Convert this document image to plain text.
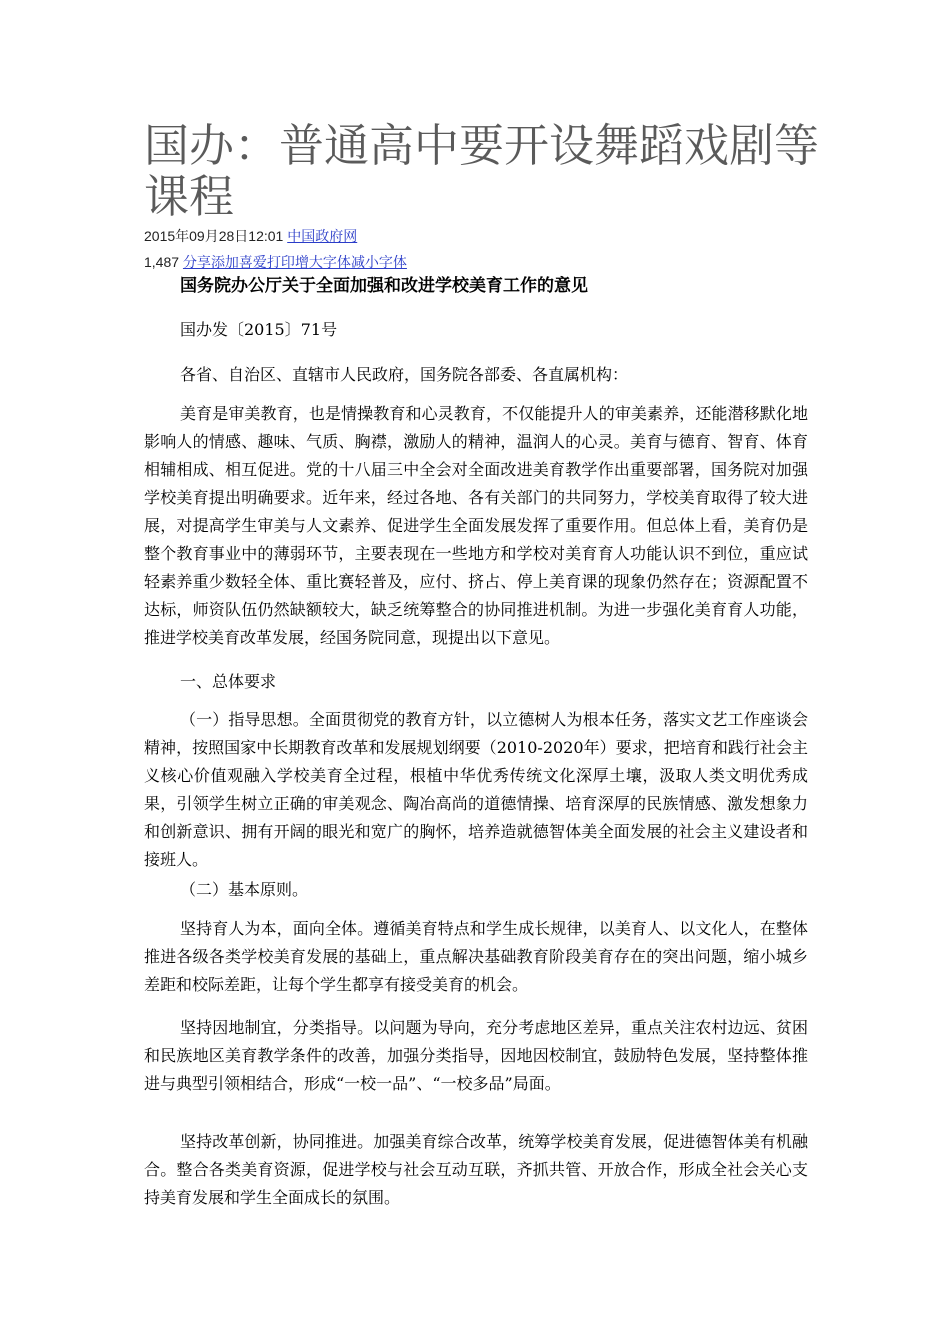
国办：普通高中要开设舞蹈戏剧等课程
2015年09月28日12:01 中国政府网
1,487 分享添加喜爱打印增大字体减小字体
国务院办公厅关于全面加强和改进学校美育工作的意见
国办发〔2015〕71号
各省、自治区、直辖市人民政府，国务院各部委、各直属机构：

美育是审美教育，也是情操教育和心灵教育，不仅能提升人的审美素养，还能潜移默化地影响人的情感、趣味、气质、胸襟，激励人的精神，温润人的心灵。美育与德育、智育、体育相辅相成、相互促进。党的十八届三中全会对全面改进美育教学作出重要部署，国务院对加强学校美育提出明确要求。近年来，经过各地、各有关部门的共同努力，学校美育取得了较大进展，对提高学生审美与人文素养、促进学生全面发展发挥了重要作用。但总体上看，美育仍是整个教育事业中的薄弱环节，主要表现在一些地方和学校对美育育人功能认识不到位，重应试轻素养重少数轻全体、重比赛轻普及，应付、挤占、停上美育课的现象仍然存在；资源配置不达标，师资队伍仍然缺额较大，缺乏统筹整合的协同推进机制。为进一步强化美育育人功能，推进学校美育改革发展，经国务院同意，现提出以下意见。

一、总体要求

（一）指导思想。全面贯彻党的教育方针，以立德树人为根本任务，落实文艺工作座谈会精神，按照国家中长期教育改革和发展规划纲要（2010-2020年）要求，把培育和践行社会主义核心价值观融入学校美育全过程，根植中华优秀传统文化深厚土壤，汲取人类文明优秀成果，引领学生树立正确的审美观念、陶冶高尚的道德情操、培育深厚的民族情感、激发想象力和创新意识、拥有开阔的眼光和宽广的胸怀，培养造就德智体美全面发展的社会主义建设者和接班人。

（二）基本原则。

坚持育人为本，面向全体。遵循美育特点和学生成长规律，以美育人、以文化人，在整体推进各级各类学校美育发展的基础上，重点解决基础教育阶段美育存在的突出问题，缩小城乡差距和校际差距，让每个学生都享有接受美育的机会。

坚持因地制宜，分类指导。以问题为导向，充分考虑地区差异，重点关注农村边远、贫困和民族地区美育教学条件的改善，加强分类指导，因地因校制宜，鼓励特色发展，坚持整体推进与典型引领相结合，形成“一校一品”、“一校多品”局面。

坚持改革创新，协同推进。加强美育综合改革，统筹学校美育发展，促进德智体美有机融合。整合各类美育资源，促进学校与社会互动互联，齐抓共管、开放合作，形成全社会关心支持美育发展和学生全面成长的氛围。
